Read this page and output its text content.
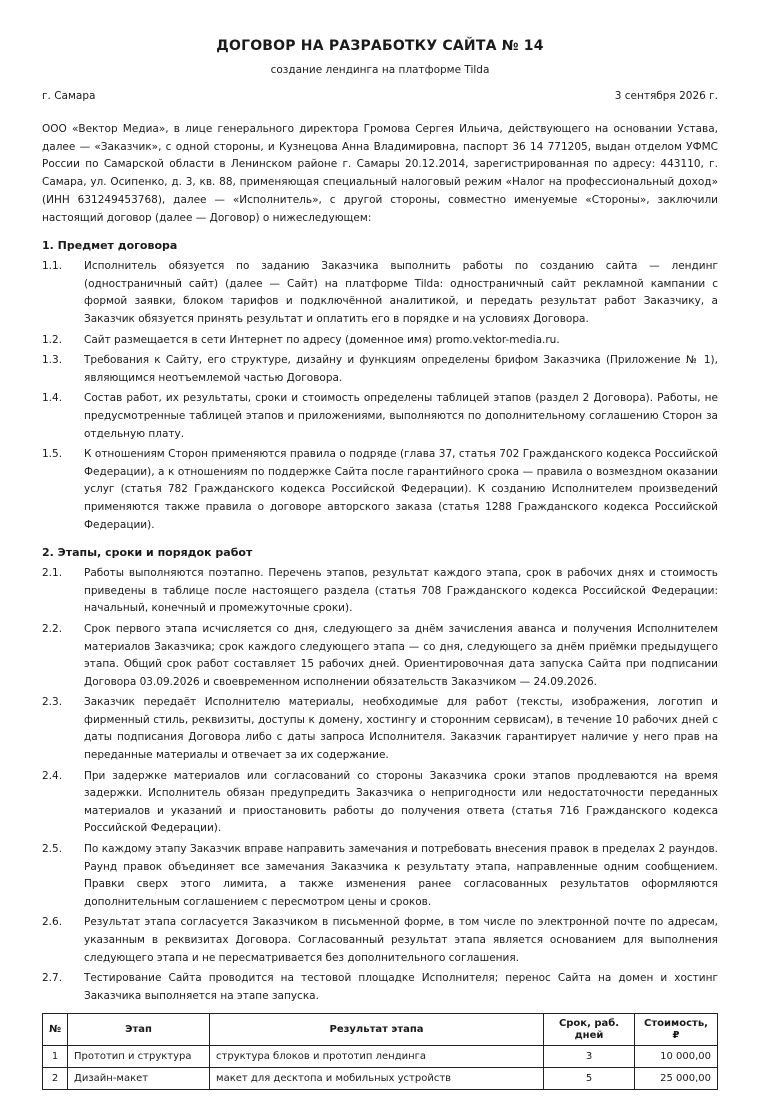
ДОГОВОР НА РАЗРАБОТКУ САЙТА № 14
создание лендинга на платформе Tilda
г. Самара	3 сентября 2026 г.
ООО «Вектор Медиа», в лице генерального директора Громова Сергея Ильича, действующего на основании Устава, далее — «Заказчик», с одной стороны, и Кузнецова Анна Владимировна, паспорт 36 14 771205, выдан отделом УФМС России по Самарской области в Ленинском районе г. Самары 20.12.2014, зарегистрированная по адресу: 443110, г. Самара, ул. Осипенко, д. 3, кв. 88, применяющая специальный налоговый режим «Налог на профессиональный доход» (ИНН 631249453768), далее — «Исполнитель», с другой стороны, совместно именуемые «Стороны», заключили настоящий договор (далее — Договор) о нижеследующем:
1. Предмет договора
1.1.	Исполнитель обязуется по заданию Заказчика выполнить работы по созданию сайта — лендинг (одностраничный сайт) (далее — Сайт) на платформе Tilda: одностраничный сайт рекламной кампании с формой заявки, блоком тарифов и подключённой аналитикой, и передать результат работ Заказчику, а Заказчик обязуется принять результат и оплатить его в порядке и на условиях Договора.
1.2.	Сайт размещается в сети Интернет по адресу (доменное имя) promo.vektor-media.ru.
1.3.	Требования к Сайту, его структуре, дизайну и функциям определены брифом Заказчика (Приложение № 1), являющимся неотъемлемой частью Договора.
1.4.	Состав работ, их результаты, сроки и стоимость определены таблицей этапов (раздел 2 Договора). Работы, не предусмотренные таблицей этапов и приложениями, выполняются по дополнительному соглашению Сторон за отдельную плату.
1.5.	К отношениям Сторон применяются правила о подряде (глава 37, статья 702 Гражданского кодекса Российской Федерации), а к отношениям по поддержке Сайта после гарантийного срока — правила о возмездном оказании услуг (статья 782 Гражданского кодекса Российской Федерации). К созданию Исполнителем произведений применяются также правила о договоре авторского заказа (статья 1288 Гражданского кодекса Российской Федерации).
2. Этапы, сроки и порядок работ
2.1.	Работы выполняются поэтапно. Перечень этапов, результат каждого этапа, срок в рабочих днях и стоимость приведены в таблице после настоящего раздела (статья 708 Гражданского кодекса Российской Федерации: начальный, конечный и промежуточные сроки).
2.2.	Срок первого этапа исчисляется со дня, следующего за днём зачисления аванса и получения Исполнителем материалов Заказчика; срок каждого следующего этапа — со дня, следующего за днём приёмки предыдущего этапа. Общий срок работ составляет 15 рабочих дней. Ориентировочная дата запуска Сайта при подписании Договора 03.09.2026 и своевременном исполнении обязательств Заказчиком — 24.09.2026.
2.3.	Заказчик передаёт Исполнителю материалы, необходимые для работ (тексты, изображения, логотип и фирменный стиль, реквизиты, доступы к домену, хостингу и сторонним сервисам), в течение 10 рабочих дней с даты подписания Договора либо с даты запроса Исполнителя. Заказчик гарантирует наличие у него прав на переданные материалы и отвечает за их содержание.
2.4.	При задержке материалов или согласований со стороны Заказчика сроки этапов продлеваются на время задержки. Исполнитель обязан предупредить Заказчика о непригодности или недостаточности переданных материалов и указаний и приостановить работы до получения ответа (статья 716 Гражданского кодекса Российской Федерации).
2.5.	По каждому этапу Заказчик вправе направить замечания и потребовать внесения правок в пределах 2 раундов. Раунд правок объединяет все замечания Заказчика к результату этапа, направленные одним сообщением. Правки сверх этого лимита, а также изменения ранее согласованных результатов оформляются дополнительным соглашением с пересмотром цены и сроков.
2.6.	Результат этапа согласуется Заказчиком в письменной форме, в том числе по электронной почте по адресам, указанным в реквизитах Договора. Согласованный результат этапа является основанием для выполнения следующего этапа и не пересматривается без дополнительного соглашения.
2.7.	Тестирование Сайта проводится на тестовой площадке Исполнителя; перенос Сайта на домен и хостинг Заказчика выполняется на этапе запуска.
№	Этап	Результат этапа	Срок, раб. дней	Стоимость, ₽
1	Прототип и структура	структура блоков и прототип лендинга	3	10 000,00
2	Дизайн-макет	макет для десктопа и мобильных устройств	5	25 000,00
